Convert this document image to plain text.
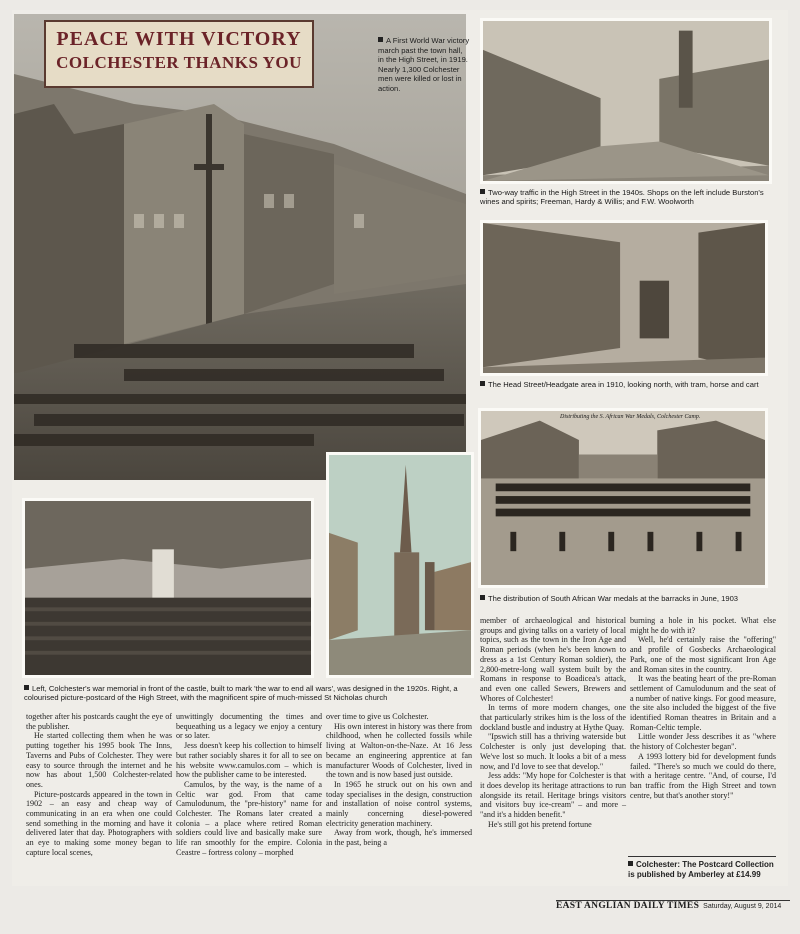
PEACE WITH VICTORY
COLCHESTER THANKS YOU
A First World War victory march past the town hall, in the High Street, in 1919. Nearly 1,300 Colchester men were killed or lost in action.
Two-way traffic in the High Street in the 1940s. Shops on the left include Burston's wines and spirits; Freeman, Hardy & Willis; and F.W. Woolworth
The Head Street/Headgate area in 1910, looking north, with tram, horse and cart
Distributing the S. African War Medals, Colchester Camp.
The distribution of South African War medals at the barracks in June, 1903
Left, Colchester's war memorial in front of the castle, built to mark 'the war to end all wars', was designed in the 1920s. Right, a colourised picture-postcard of the High Street, with the magnificent spire of much-missed St Nicholas church

together after his postcards caught the eye of the publisher.

He started collecting them when he was putting together his 1995 book The Inns, Taverns and Pubs of Colchester. They were easy to source through the internet and he now has about 1,500 Colchester-related ones.

Picture-postcards appeared in the town in 1902 – an easy and cheap way of communicating in an era when one could send something in the morning and have it delivered later that day. Photographers with an eye to making some money began to capture local scenes,

unwittingly documenting the times and bequeathing us a legacy we enjoy a century or so later.

Jess doesn't keep his collection to himself but rather sociably shares it for all to see on his website www.camulos.com – which is how the publisher came to be interested.

Camulos, by the way, is the name of a Celtic war god. From that came Camulodunum, the "pre-history" name for Colchester. The Romans later created a colonia – a place where retired Roman soldiers could live and basically make sure life ran smoothly for the empire. Colonia Ceastre – fortress colony – morphed

over time to give us Colchester.

His own interest in history was there from childhood, when he collected fossils while living at Walton-on-the-Naze. At 16 Jess became an engineering apprentice at fan manufacturer Woods of Colchester, lived in the town and is now based just outside.

In 1965 he struck out on his own and today specialises in the design, construction and installation of noise control systems, mainly concerning diesel-powered electricity generation machinery.

Away from work, though, he's immersed in the past, being a

member of archaeological and historical groups and giving talks on a variety of local topics, such as the town in the Iron Age and Roman periods (when he's been known to dress as a 1st Century Roman soldier), the 2,800-metre-long wall system built by the Romans in response to Boadicea's attack, and even one called Sewers, Brewers and Whores of Colchester!

In terms of more modern changes, one that particularly strikes him is the loss of the dockland bustle and industry at Hythe Quay.

"Ipswich still has a thriving waterside but Colchester is only just developing that. We've lost so much. It looks a bit of a mess now, and I'd love to see that develop."

Jess adds: "My hope for Colchester is that it does develop its heritage attractions to run alongside its retail. Heritage brings visitors and visitors buy ice-cream" – and more – "and it's a hidden benefit."

He's still got his pretend fortune

burning a hole in his pocket. What else might he do with it?

Well, he'd certainly raise the "offering" and profile of Gosbecks Archaeological Park, one of the most significant Iron Age and Roman sites in the country.

It was the beating heart of the pre-Roman settlement of Camulodunum and the seat of a number of native kings. For good measure, the site also included the biggest of the five identified Roman theatres in Britain and a Roman-Celtic temple.

Little wonder Jess describes it as "where the history of Colchester began".

A 1993 lottery bid for development funds failed. "There's so much we could do there, with a heritage centre. "And, of course, I'd ban traffic from the High Street and town centre, but that's another story!"

Colchester: The Postcard Collection is published by Amberley at £14.99
EAST ANGLIAN DAILY TIMES Saturday, August 9, 2014
